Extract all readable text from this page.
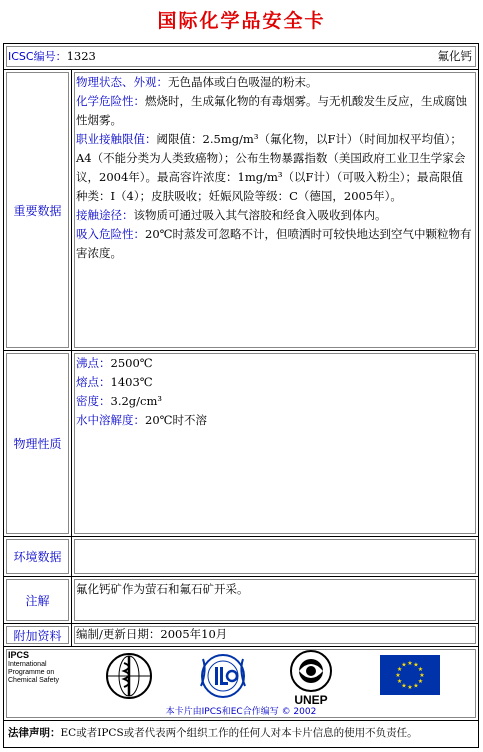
国际化学品安全卡
ICSC编号：1323	氟化钙
重要数据

物理状态、外观：无色晶体或白色吸湿的粉末。

化学危险性：燃烧时，生成氟化物的有毒烟雾。与无机酸发生反应，生成腐蚀性烟雾。

职业接触限值：阈限值：2.5mg/m³（氟化物，以F计）（时间加权平均值）；A4（不能分类为人类致癌物）；公布生物暴露指数（美国政府工业卫生学家会议，2004年）。最高容许浓度：1mg/m³（以F计）（可吸入粉尘）；最高限值种类：I（4）；皮肤吸收；妊娠风险等级：C（德国，2005年）。

接触途径：该物质可通过吸入其气溶胶和经食入吸收到体内。

吸入危险性：20℃时蒸发可忽略不计，但喷洒时可较快地达到空气中颗粒物有害浓度。

物理性质

沸点：2500℃

熔点：1403℃

密度：3.2g/cm³

水中溶解度：20℃时不溶

环境数据

注解

氟化钙矿作为萤石和氟石矿开采。

附加资料 编制/更新日期：2005年10月

IPCS
International
Programme on
Chemical Safety
UNEP
★ ★
★
★
★
★
★
★
★
★
★
★
本卡片由IPCS和EC合作编写 © 2002
法律声明：EC或者IPCS或者代表两个组织工作的任何人对本卡片信息的使用不负责任。
